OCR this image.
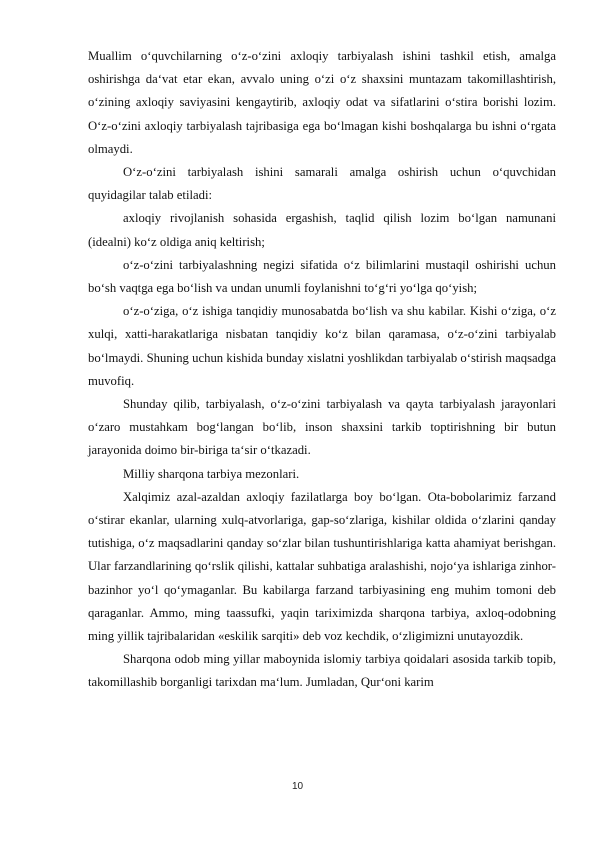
Muallim o‘quvchilarning o‘z-o‘zini axloqiy tarbiyalash ishini tashkil etish, amalga oshirishga da‘vat etar ekan, avvalo uning o‘zi o‘z shaxsini muntazam takomillashtirish, o‘zining axloqiy saviyasini kengaytirib, axloqiy odat va sifatlarini o‘stira borishi lozim. O‘z-o‘zini axloqiy tarbiyalash tajribasiga ega bo‘lmagan kishi boshqalarga bu ishni o‘rgata olmaydi.

O‘z-o‘zini tarbiyalash ishini samarali amalga oshirish uchun o‘quvchidan quyidagilar talab etiladi:

axloqiy rivojlanish sohasida ergashish, taqlid qilish lozim bo‘lgan namunani (idealni) ko‘z oldiga aniq keltirish;

o‘z-o‘zini tarbiyalashning negizi sifatida o‘z bilimlarini mustaqil oshirishi uchun bo‘sh vaqtga ega bo‘lish va undan unumli foylanishni to‘g‘ri yo‘lga qo‘yish;

o‘z-o‘ziga, o‘z ishiga tanqidiy munosabatda bo‘lish va shu kabilar. Kishi o‘ziga, o‘z xulqi, xatti-harakatlariga nisbatan tanqidiy ko‘z bilan qaramasa, o‘z-o‘zini tarbiyalab bo‘lmaydi. Shuning uchun kishida bunday xislatni yoshlikdan tarbiyalab o‘stirish maqsadga muvofiq.

Shunday qilib, tarbiyalash, o‘z-o‘zini tarbiyalash va qayta tarbiyalash jarayonlari o‘zaro mustahkam bog‘langan bo‘lib, inson shaxsini tarkib toptirishning bir butun jarayonida doimo bir-biriga ta‘sir o‘tkazadi.

Milliy sharqona tarbiya mezonlari.

Xalqimiz azal-azaldan axloqiy fazilatlarga boy bo‘lgan. Ota-bobolarimiz farzand o‘stirar ekanlar, ularning xulq-atvorlariga, gap-so‘zlariga, kishilar oldida o‘zlarini qanday tutishiga, o‘z maqsadlarini qanday so‘zlar bilan tushuntirishlariga katta ahamiyat berishgan. Ular farzandlarining qo‘rslik qilishi, kattalar suhbatiga aralashishi, nojo‘ya ishlariga zinhor-bazinhor yo‘l qo‘ymaganlar. Bu kabilarga farzand tarbiyasining eng muhim tomoni deb qaraganlar. Ammo, ming taassufki, yaqin tariximizda sharqona tarbiya, axloq-odobning ming yillik tajribalaridan «eskilik sarqiti» deb voz kechdik, o‘zligimizni unutayozdik.

Sharqona odob ming yillar maboynida islomiy tarbiya qoidalari asosida tarkib topib, takomillashib borganligi tarixdan ma‘lum. Jumladan, Qur‘oni karim

10
